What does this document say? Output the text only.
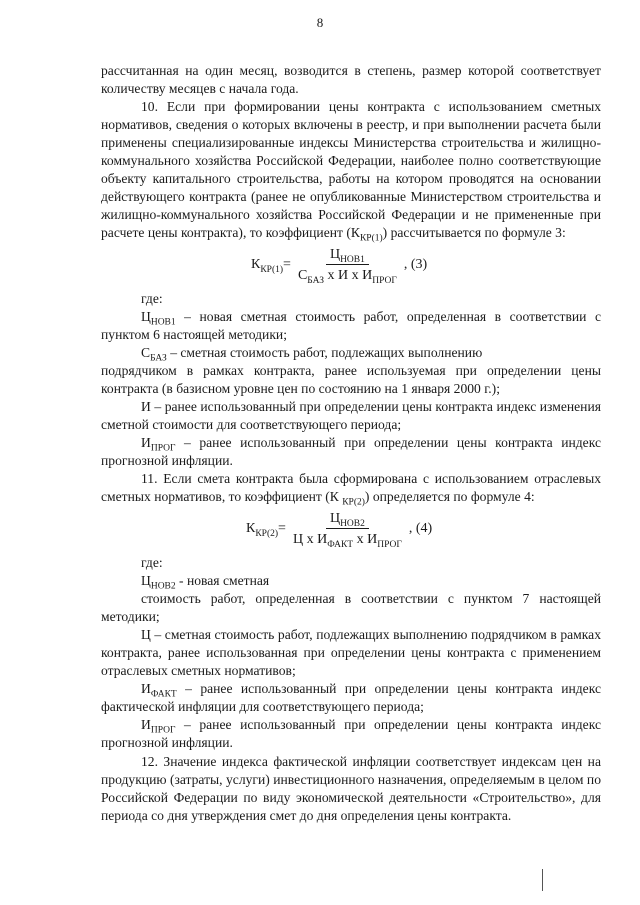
8

рассчитанная на один месяц, возводится в степень, размер которой соответствует количеству месяцев с начала года.

10. Если при формировании цены контракта с использованием сметных нормативов, сведения о которых включены в реестр, и при выполнении расчета были применены специализированные индексы Министерства строительства и жилищно-коммунального хозяйства Российской Федерации, наиболее полно соответствующие объекту капитального строительства, работы на котором проводятся на основании действующего контракта (ранее не опубликованные Министерством строительства и жилищно-коммунального хозяйства Российской Федерации и не примененные при расчете цены контракта), то коэффициент $(К_{КР(1)})$ рассчитывается по формуле 3:

$К_{КР(1)} = \frac{Ц_{НОВ1}}{С_{БАЗ} x И x И_{ПРОГ}}$ , (3)

где:

$Ц_{НОВ1}$ – новая сметная стоимость работ, определенная в соответствии с пунктом 6 настоящей методики;

$С_{БАЗ}$ – сметная стоимость работ, подлежащих выполнению

подрядчиком в рамках контракта, ранее используемая при определении цены контракта (в базисном уровне цен по состоянию на 1 января 2000 г.);

И – ранее использованный при определении цены контракта индекс изменения сметной стоимости для соответствующего периода;

$И_{ПРОГ}$ – ранее использованный при определении цены контракта индекс прогнозной инфляции.

11. Если смета контракта была сформирована с использованием отраслевых сметных нормативов, то коэффициент (К $_{КР(2)}$) определяется по формуле 4:

$К_{КР(2)} = \frac{Ц_{НОВ2}}{Ц x И_{ФАКТ} x И_{ПРОГ}}$ , (4)

где:

$Ц_{НОВ2}$ - новая сметная

стоимость работ, определенная в соответствии с пунктом 7 настоящей методики;

Ц – сметная стоимость работ, подлежащих выполнению подрядчиком в рамках контракта, ранее использованная при определении цены контракта с применением отраслевых сметных нормативов;

$И_{ФАКТ}$ – ранее использованный при определении цены контракта индекс фактической инфляции для соответствующего периода;

$И_{ПРОГ}$ – ранее использованный при определении цены контракта индекс прогнозной инфляции.

12. Значение индекса фактической инфляции соответствует индексам цен на продукцию (затраты, услуги) инвестиционного назначения, определяемым в целом по Российской Федерации по виду экономической деятельности «Строительство», для периода со дня утверждения смет до дня определения цены контракта.
